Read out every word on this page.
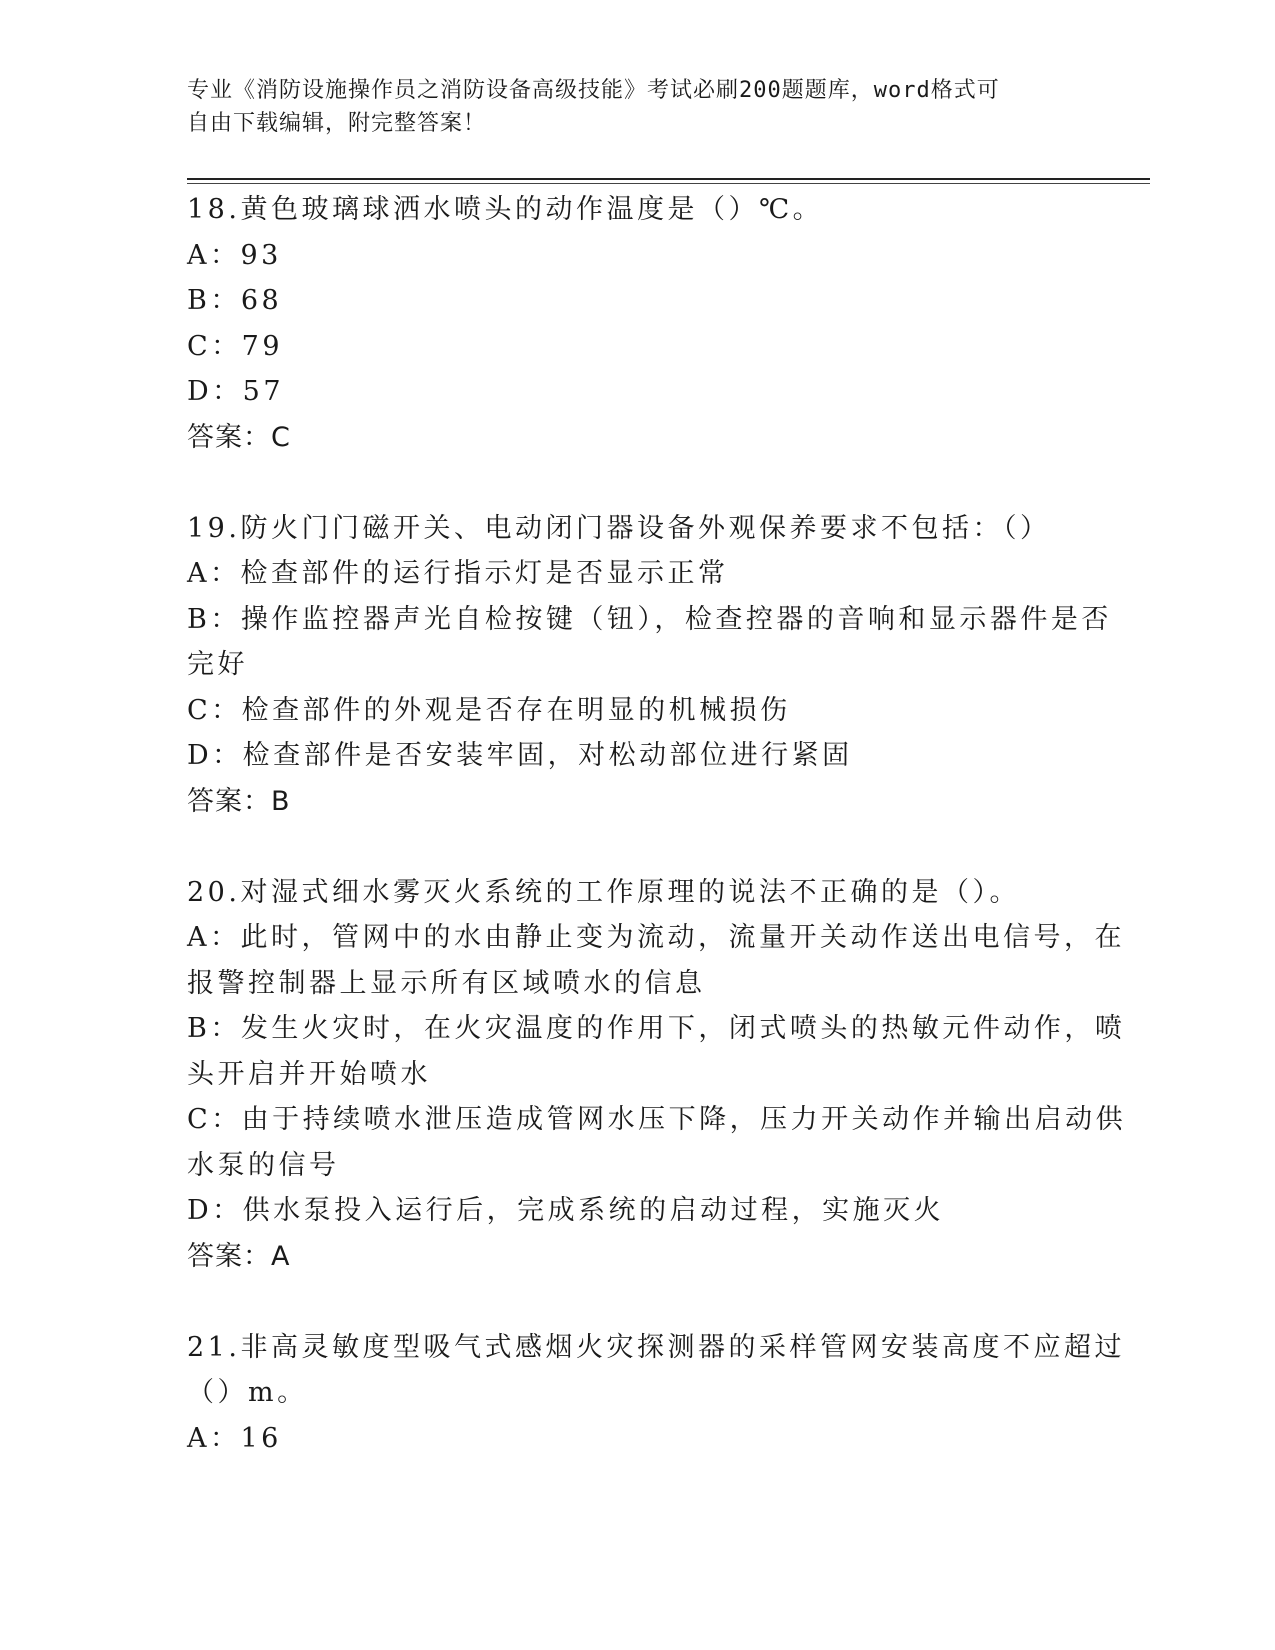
专业《消防设施操作员之消防设备高级技能》考试必刷200题题库，word格式可
自由下载编辑，附完整答案！
18.黄色玻璃球洒水喷头的动作温度是（）℃。
A：93
B：68
C：79
D：57
答案：C
19.防火门门磁开关、电动闭门器设备外观保养要求不包括：（）
A：检查部件的运行指示灯是否显示正常
B：操作监控器声光自检按键（钮），检查控器的音响和显示器件是否
完好
C：检查部件的外观是否存在明显的机械损伤
D：检查部件是否安装牢固，对松动部位进行紧固
答案：B
20.对湿式细水雾灭火系统的工作原理的说法不正确的是（）。
A：此时，管网中的水由静止变为流动，流量开关动作送出电信号，在
报警控制器上显示所有区域喷水的信息
B：发生火灾时，在火灾温度的作用下，闭式喷头的热敏元件动作，喷
头开启并开始喷水
C：由于持续喷水泄压造成管网水压下降，压力开关动作并输出启动供
水泵的信号
D：供水泵投入运行后，完成系统的启动过程，实施灭火
答案：A
21.非高灵敏度型吸气式感烟火灾探测器的采样管网安装高度不应超过
（）m。
A：16
